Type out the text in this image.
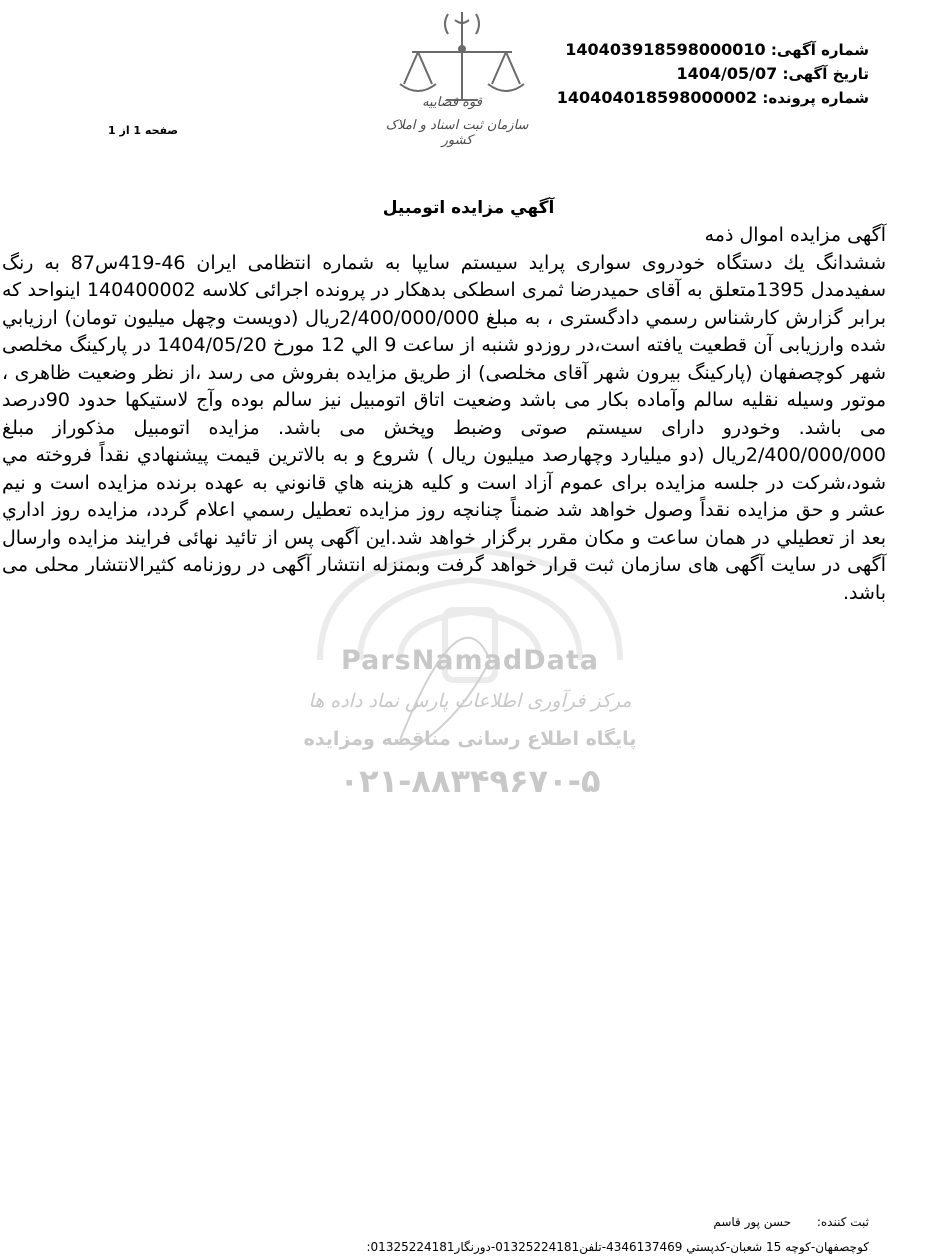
شماره آگهی: 140403918598000010
تاریخ آگهی: 1404/05/07
شماره پرونده: 140404018598000002
صفحه 1 از 1
قوه قضاییه
سازمان ثبت اسناد و املاک کشور
ParsNamadData
مرکز فرآوری اطلاعات پارس نماد داده ها
پایگاه اطلاع رسانی مناقصه ومزایده
۰۲۱-۸۸۳۴۹۶۷۰-۵
آگهي مزايده اتومبيل
آگهی مزایده اموال ذمه
ششدانگ یك دستگاه خودروی سواری پراید سیستم سایپا به شماره انتظامی ایران 46-419س87 به رنگ سفیدمدل 1395متعلق به آقای حمیدرضا ثمری اسطکی بدهکار در پرونده اجرائی کلاسه 140400002 اینواحد که برابر گزارش کارشناس رسمي دادگستری ، به مبلغ 2/400/000/000ریال (دویست وچهل میلیون تومان) ارزيابي شده وارزیابی آن قطعیت یافته است،در روزدو شنبه از ساعت 9 الي 12 مورخ 1404/05/20 در پارکینگ مخلصی شهر کوچصفهان (پارکینگ بیرون شهر آقای مخلصی) از طريق مزايده بفروش می رسد ،از نظر وضعیت ظاهری ، موتور وسیله نقلیه سالم وآماده بکار می باشد وضعیت اتاق اتومبیل نیز سالم بوده وآج لاستیکها حدود 90درصد می باشد. وخودرو دارای سیستم صوتی وضبط وپخش می باشد. مزايده اتومبیل مذکوراز مبلغ 2/400/000/000ريال (دو میلیارد وچهارصد میلیون ریال ) شروع و به بالاترين قيمت پيشنهادي نقداً فروخته مي شود،شرکت در جلسه مزایده برای عموم آزاد است و کليه هزينه هاي قانوني به عهده برنده مزايده است و نيم عشر و حق مزايده نقداً وصول خواهد شد ضمناً چنانچه روز مزايده تعطيل رسمي اعلام گردد، مزايده روز اداري بعد از تعطيلي در همان ساعت و مكان مقرر برگزار خواهد شد.این آگهی پس از تائید نهائی فرایند مزایده وارسال آگهی در سایت آگهی های سازمان ثبت قرار خواهد گرفت وبمنزله انتشار آگهی در روزنامه کثیرالانتشار محلی می باشد.
ثبت کننده: حسن پور قاسم
کوچصفهان-کوچه 15 شعبان-کدپستي 4346137469-تلفن01325224181-دورنگار01325224181:
